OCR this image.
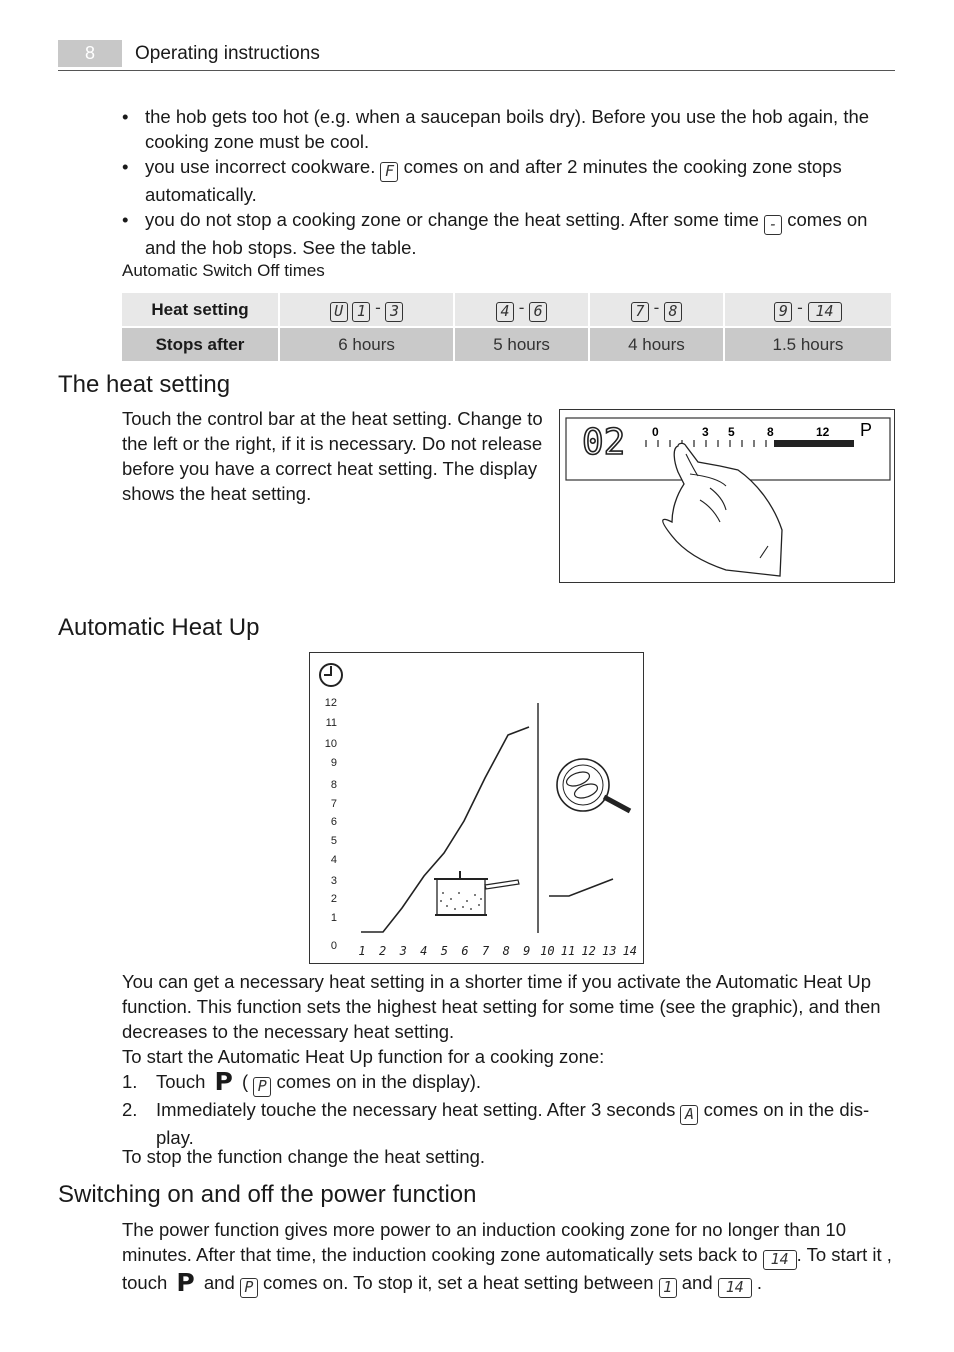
8	Operating instructions
• the hob gets too hot (e.g. when a saucepan boils dry). Before you use the hob again, the cooking zone must be cool.
• you use incorrect cookware. F comes on and after 2 minutes the cooking zone stops automatically.
• you do not stop a cooking zone or change the heat setting. After some time - comes on and the hob stops. See the table.
Automatic Switch Off times
Heat setting	U 1 - 3	4 - 6	7 - 8	9 - 14
Stops after	6 hours	5 hours	4 hours	1.5 hours
The heat setting
Touch the control bar at the heat setting. Change to the left or the right, if it is necessary. Do not release before you have a correct heat setting. The display shows the heat setting.
02 0	3 5	8	12 P
Automatic Heat Up
12
11
10
9
8
7
6
5
4
3
2
1
0 1 2 3 4 5 6 7 8 9 10 11 12 13 14
You can get a necessary heat setting in a shorter time if you activate the Automatic Heat Up function. This function sets the highest heat setting for some time (see the graphic), and then decreases to the necessary heat setting.
To start the Automatic Heat Up function for a cooking zone:
1. Touch P ( P comes on in the display).
2. Immediately touche the necessary heat setting. After 3 seconds A comes on in the dis-play.
To stop the function change the heat setting.
Switching on and off the power function
The power function gives more power to an induction cooking zone for no longer than 10 minutes. After that time, the induction cooking zone automatically sets back to 14 . To start it , touch P and P comes on. To stop it, set a heat setting between 1 and 14 .
